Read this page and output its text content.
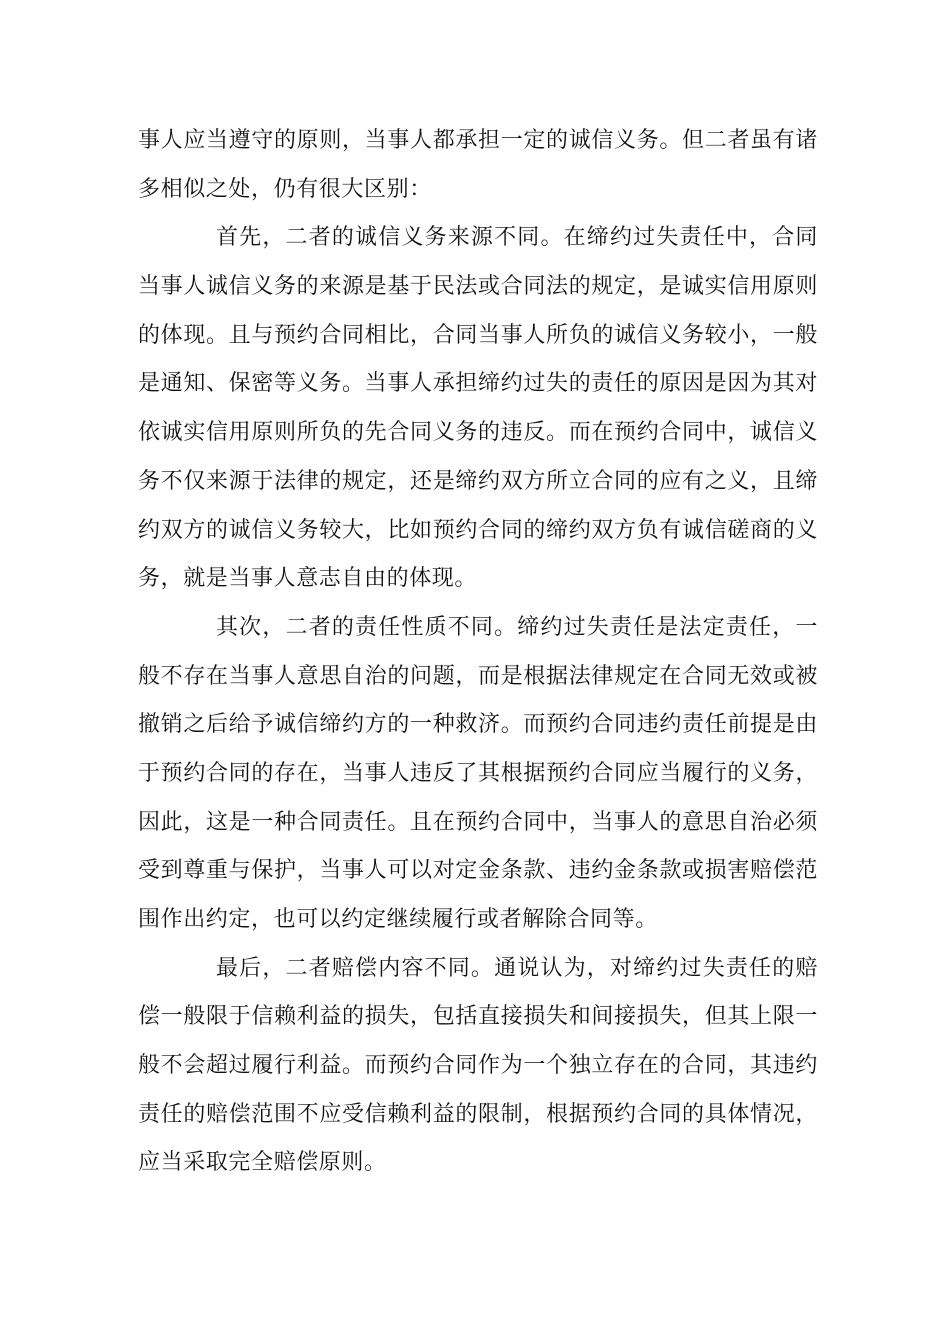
事人应当遵守的原则，当事人都承担一定的诚信义务。但二者虽有诸
多相似之处，仍有很大区别：
首先，二者的诚信义务来源不同。在缔约过失责任中，合同
当事人诚信义务的来源是基于民法或合同法的规定，是诚实信用原则
的体现。且与预约合同相比，合同当事人所负的诚信义务较小，一般
是通知、保密等义务。当事人承担缔约过失的责任的原因是因为其对
依诚实信用原则所负的先合同义务的违反。而在预约合同中，诚信义
务不仅来源于法律的规定，还是缔约双方所立合同的应有之义，且缔
约双方的诚信义务较大，比如预约合同的缔约双方负有诚信磋商的义
务，就是当事人意志自由的体现。
其次，二者的责任性质不同。缔约过失责任是法定责任，一
般不存在当事人意思自治的问题，而是根据法律规定在合同无效或被
撤销之后给予诚信缔约方的一种救济。而预约合同违约责任前提是由
于预约合同的存在，当事人违反了其根据预约合同应当履行的义务，
因此，这是一种合同责任。且在预约合同中，当事人的意思自治必须
受到尊重与保护，当事人可以对定金条款、违约金条款或损害赔偿范
围作出约定，也可以约定继续履行或者解除合同等。
最后，二者赔偿内容不同。通说认为，对缔约过失责任的赔
偿一般限于信赖利益的损失，包括直接损失和间接损失，但其上限一
般不会超过履行利益。而预约合同作为一个独立存在的合同，其违约
责任的赔偿范围不应受信赖利益的限制，根据预约合同的具体情况，
应当采取完全赔偿原则。
